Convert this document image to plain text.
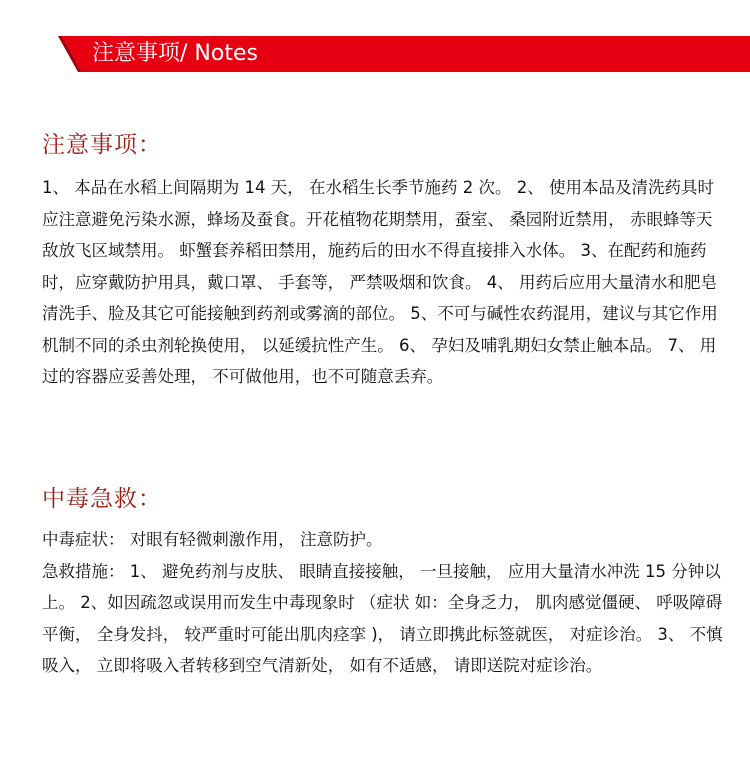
注意事项/ Notes
注意事项：

1、 本品在水稻上间隔期为 14 天， 在水稻生长季节施药 2 次。 2、 使用本品及清洗药具时应注意避免污染水源，蜂场及蚕食。开花植物花期禁用，蚕室、 桑园附近禁用， 赤眼蜂等天敌放飞区域禁用。 虾蟹套养稻田禁用，施药后的田水不得直接排入水体。 3、在配药和施药时，应穿戴防护用具，戴口罩、 手套等， 严禁吸烟和饮食。 4、 用药后应用大量清水和肥皂清洗手、脸及其它可能接触到药剂或雾滴的部位。 5、不可与碱性农药混用，建议与其它作用机制不同的杀虫剂轮换使用， 以延缓抗性产生。 6、 孕妇及哺乳期妇女禁止触本品。 7、 用过的容器应妥善处理， 不可做他用，也不可随意丢弃。

中毒急救：

中毒症状： 对眼有轻微刺激作用， 注意防护。

急救措施： 1、 避免药剂与皮肤、 眼睛直接接触， 一旦接触， 应用大量清水冲洗 15 分钟以上。 2、如因疏忽或误用而发生中毒现象时 （症状 如：全身乏力， 肌肉感觉僵硬、 呼吸障碍平衡， 全身发抖， 较严重时可能出肌肉痉挛 )， 请立即携此标签就医， 对症诊治。 3、 不慎吸入， 立即将吸入者转移到空气清新处， 如有不适感， 请即送院对症诊治。
